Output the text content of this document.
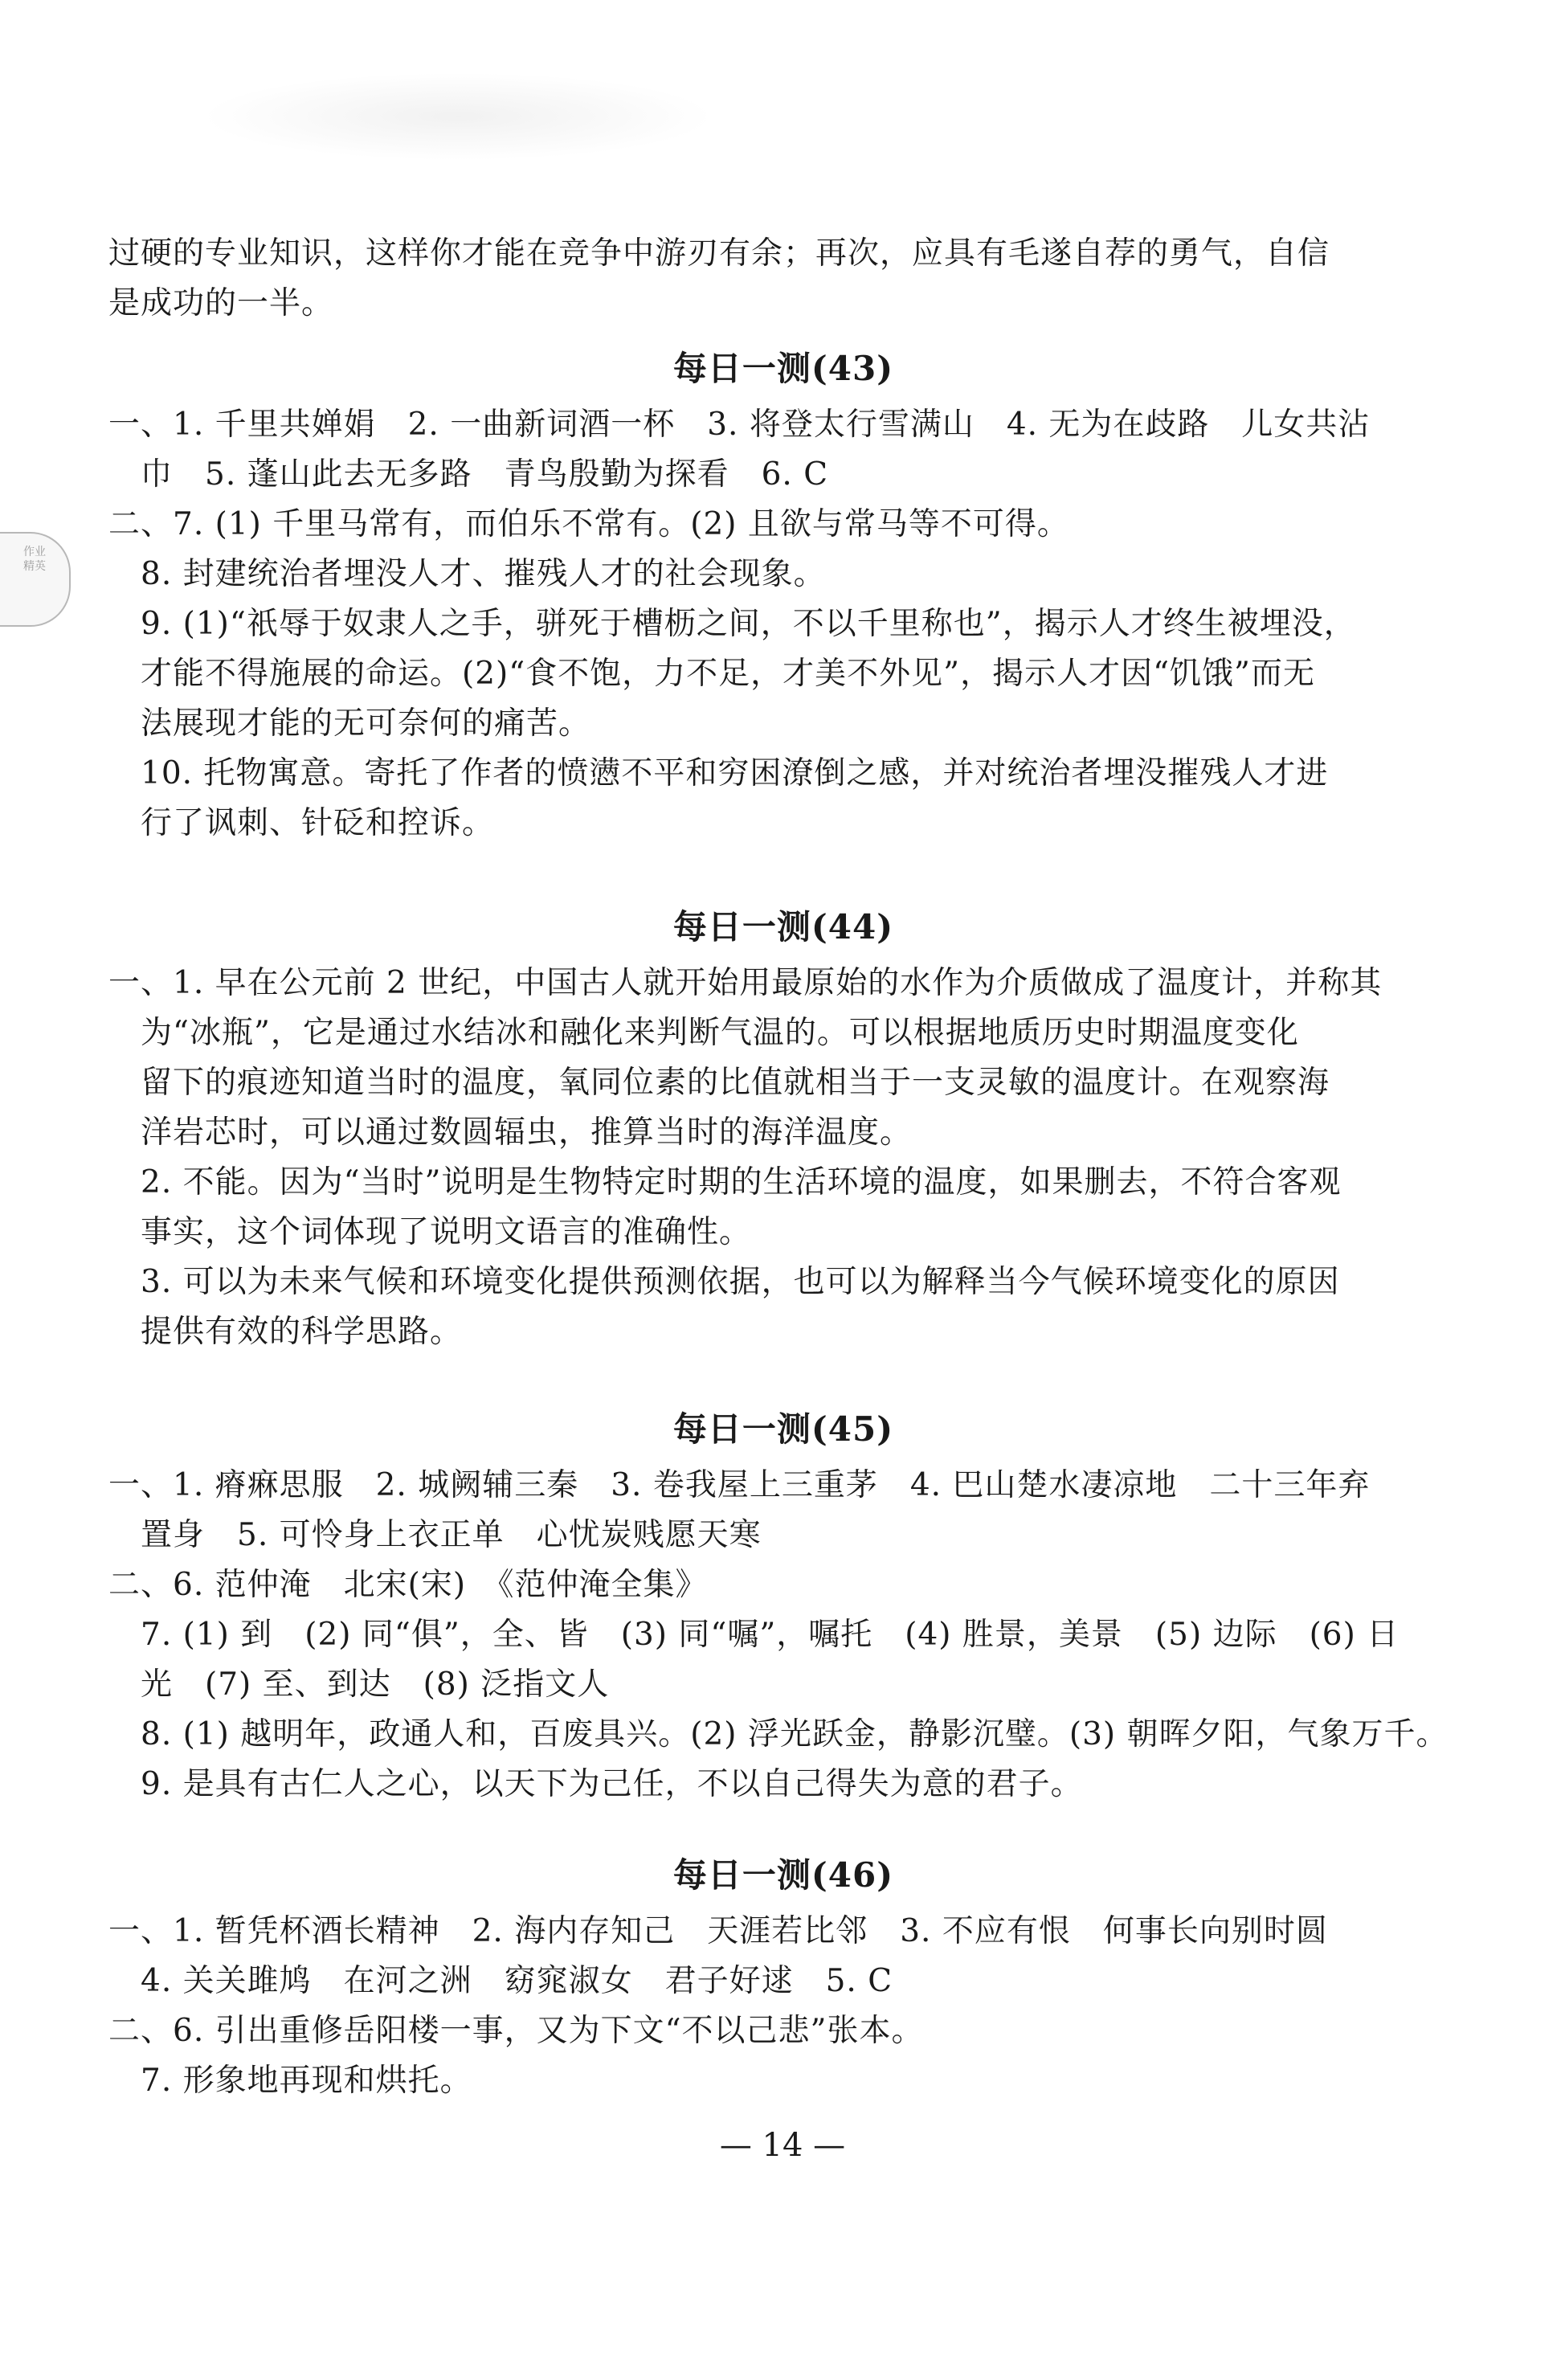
作业
精英
过硬的专业知识，这样你才能在竞争中游刃有余；再次，应具有毛遂自荐的勇气，自信
是成功的一半。
每日一测(43)
一、1. 千里共婵娟　2. 一曲新词酒一杯　3. 将登太行雪满山　4. 无为在歧路　儿女共沾
　巾　5. 蓬山此去无多路　青鸟殷勤为探看　6. C
二、7. (1) 千里马常有，而伯乐不常有。(2) 且欲与常马等不可得。
　8. 封建统治者埋没人才、摧残人才的社会现象。
　9. (1)“祇辱于奴隶人之手，骈死于槽枥之间，不以千里称也”，揭示人才终生被埋没，
　才能不得施展的命运。(2)“食不饱，力不足，才美不外见”，揭示人才因“饥饿”而无
　法展现才能的无可奈何的痛苦。
　10. 托物寓意。寄托了作者的愤懑不平和穷困潦倒之感，并对统治者埋没摧残人才进
　行了讽刺、针砭和控诉。
每日一测(44)
一、1. 早在公元前 2 世纪，中国古人就开始用最原始的水作为介质做成了温度计，并称其
　为“冰瓶”，它是通过水结冰和融化来判断气温的。可以根据地质历史时期温度变化
　留下的痕迹知道当时的温度，氧同位素的比值就相当于一支灵敏的温度计。在观察海
　洋岩芯时，可以通过数圆辐虫，推算当时的海洋温度。
　2. 不能。因为“当时”说明是生物特定时期的生活环境的温度，如果删去，不符合客观
　事实，这个词体现了说明文语言的准确性。
　3. 可以为未来气候和环境变化提供预测依据，也可以为解释当今气候环境变化的原因
　提供有效的科学思路。
每日一测(45)
一、1. 瘠痳思服　2. 城阙辅三秦　3. 卷我屋上三重茅　4. 巴山楚水凄凉地　二十三年弃
　置身　5. 可怜身上衣正单　心忧炭贱愿天寒
二、6. 范仲淹　北宋(宋)　《范仲淹全集》
　7. (1) 到　(2) 同“俱”，全、皆　(3) 同“嘱”，嘱托　(4) 胜景，美景　(5) 边际　(6) 日
　光　(7) 至、到达　(8) 泛指文人
　8. (1) 越明年，政通人和，百废具兴。(2) 浮光跃金，静影沉璧。(3) 朝晖夕阳，气象万千。
　9. 是具有古仁人之心，以天下为己任，不以自己得失为意的君子。
每日一测(46)
一、1. 暂凭杯酒长精神　2. 海内存知己　天涯若比邻　3. 不应有恨　何事长向别时圆
　4. 关关雎鸠　在河之洲　窈窕淑女　君子好逑　5. C
二、6. 引出重修岳阳楼一事，又为下文“不以己悲”张本。
　7. 形象地再现和烘托。
— 14 —
